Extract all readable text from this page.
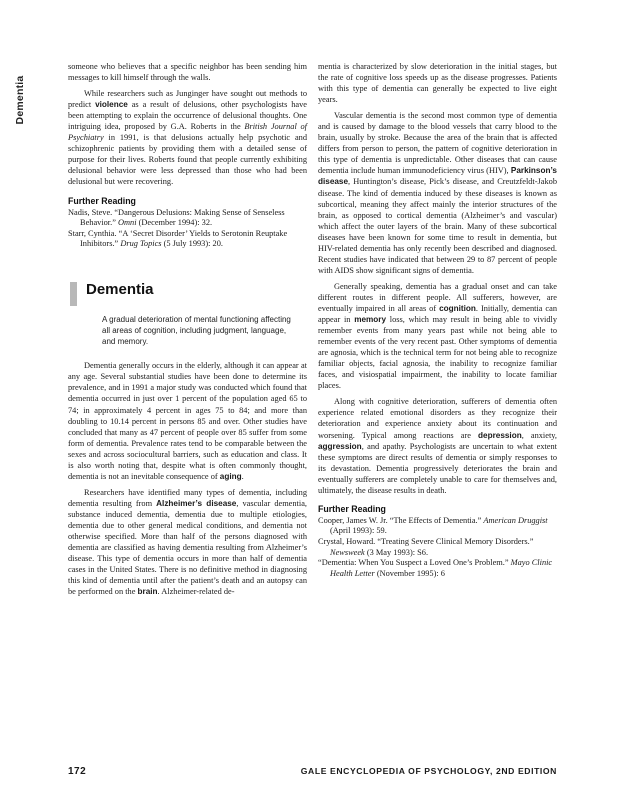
Dementia

someone who believes that a specific neighbor has been sending him messages to kill himself through the walls.

While researchers such as Junginger have sought out methods to predict violence as a result of delusions, other psychologists have been attempting to explain the occurrence of delusional thoughts. One intriguing idea, proposed by G.A. Roberts in the British Journal of Psychiatry in 1991, is that delusions actually help psychotic and schizophrenic patients by providing them with a detailed sense of purpose for their lives. Roberts found that people currently exhibiting delusional behavior were less depressed than those who had been delusional but were recovering.

Further Reading

Nadis, Steve. “Dangerous Delusions: Making Sense of Senseless Behavior.” Omni (December 1994): 32.

Starr, Cynthia. “A ‘Secret Disorder’ Yields to Serotonin Reuptake Inhibitors.” Drug Topics (5 July 1993): 20.

Dementia

A gradual deterioration of mental functioning affecting all areas of cognition, including judgment, language, and memory.

Dementia generally occurs in the elderly, although it can appear at any age. Several substantial studies have been done to determine its prevalence, and in 1991 a major study was conducted which found that dementia occurred in just over 1 percent of the population aged 65 to 74; in approximately 4 percent in ages 75 to 84; and more than doubling to 10.14 percent in persons 85 and over. Other studies have concluded that many as 47 percent of people over 85 suffer from some form of dementia. Prevalence rates tend to be comparable between the sexes and across sociocultural barriers, such as education and class. It is also worth noting that, despite what is often commonly thought, dementia is not an inevitable consequence of aging.

Researchers have identified many types of dementia, including dementia resulting from Alzheimer’s disease, vascular dementia, substance induced dementia, dementia due to multiple etiologies, dementia due to other general medical conditions, and dementia not otherwise specified. More than half of the persons diagnosed with dementia are classified as having dementia resulting from Alzheimer’s disease. This type of dementia occurs in more than half of dementia cases in the United States. There is no definitive method in diagnosing this kind of dementia until after the patient’s death and an autopsy can be performed on the brain. Alzheimer-related de-

mentia is characterized by slow deterioration in the initial stages, but the rate of cognitive loss speeds up as the disease progresses. Patients with this type of dementia can generally be expected to live eight years.

Vascular dementia is the second most common type of dementia and is caused by damage to the blood vessels that carry blood to the brain, usually by stroke. Because the area of the brain that is affected differs from person to person, the pattern of cognitive deterioration in this type of dementia is unpredictable. Other diseases that can cause dementia include human immunodeficiency virus (HIV), Parkinson’s disease, Huntington’s disease, Pick’s disease, and Creutzfeldt-Jakob disease. The kind of dementia induced by these diseases is known as subcortical, meaning they affect mainly the interior structures of the brain, as opposed to cortical dementia (Alzheimer’s and vascular) which affect the outer layers of the brain. Many of these subcortical diseases have been known for some time to result in dementia, but HIV-related dementia has only recently been described and diagnosed. Recent studies have indicated that between 29 to 87 percent of people with AIDS show significant signs of dementia.

Generally speaking, dementia has a gradual onset and can take different routes in different people. All sufferers, however, are eventually impaired in all areas of cognition. Initially, dementia can appear in memory loss, which may result in being able to vividly remember events from many years past while not being able to remember events of the very recent past. Other symptoms of dementia are agnosia, which is the technical term for not being able to recognize familiar objects, facial agnosia, the inability to recognize familiar faces, and visiospatial impairment, the inability to locate familiar places.

Along with cognitive deterioration, sufferers of dementia often experience related emotional disorders as they recognize their deterioration and experience anxiety about its continuation and worsening. Typical among reactions are depression, anxiety, aggression, and apathy. Psychologists are uncertain to what extent these symptoms are direct results of dementia or simply responses to its devastation. Dementia progressively deteriorates the brain and eventually sufferers are completely unable to care for themselves and, ultimately, the disease results in death.

Further Reading

Cooper, James W. Jr. “The Effects of Dementia.” American Druggist (April 1993): 59.

Crystal, Howard. “Treating Severe Clinical Memory Disorders.” Newsweek (3 May 1993): S6.

“Dementia: When You Suspect a Loved One’s Problem.” Mayo Clinic Health Letter (November 1995): 6

172	GALE ENCYCLOPEDIA OF PSYCHOLOGY, 2ND EDITION
